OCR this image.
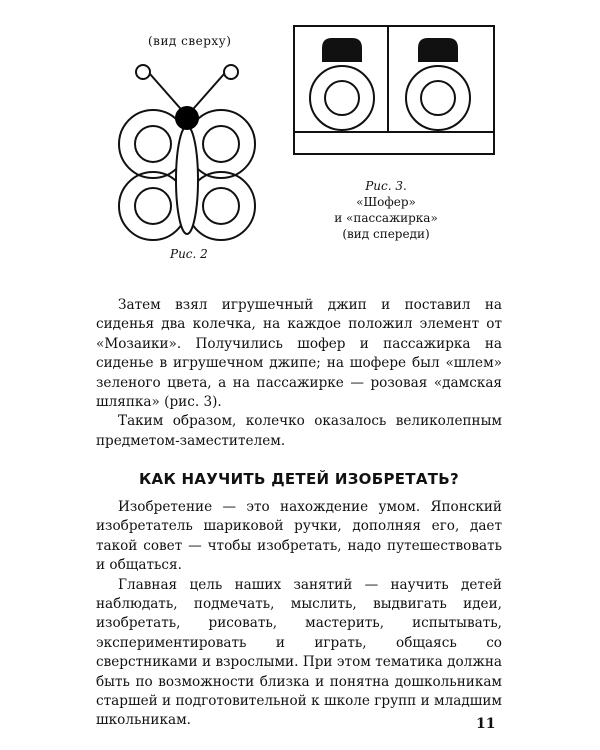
(вид сверху)
Рис. 2
Рис. 3.
«Шофер»
и «пассажирка»
(вид спереди)

Затем взял игрушечный джип и поставил на сиденья два колечка, на каждое положил элемент от «Мозаики». Получились шофер и пассажирка на сиденье в игрушечном джипе; на шофере был «шлем» зеленого цвета, а на пассажирке — розовая «дамская шляпка» (рис. 3).

Таким образом, колечко оказалось великолепным предметом-заместителем.

КАК НАУЧИТЬ ДЕТЕЙ ИЗОБРЕТАТЬ?

Изобретение — это нахождение умом. Японский изобретатель шариковой ручки, дополняя его, дает такой совет — чтобы изобретать, надо путешествовать и общаться.

Главная цель наших занятий — научить детей наблюдать, подмечать, мыслить, выдвигать идеи, изобретать, рисовать, мастерить, испытывать, экспериментировать и играть, общаясь со сверстниками и взрослыми. При этом тематика должна быть по возможности близка и понятна дошкольникам старшей и подготовительной к школе групп и младшим школьникам.	11
